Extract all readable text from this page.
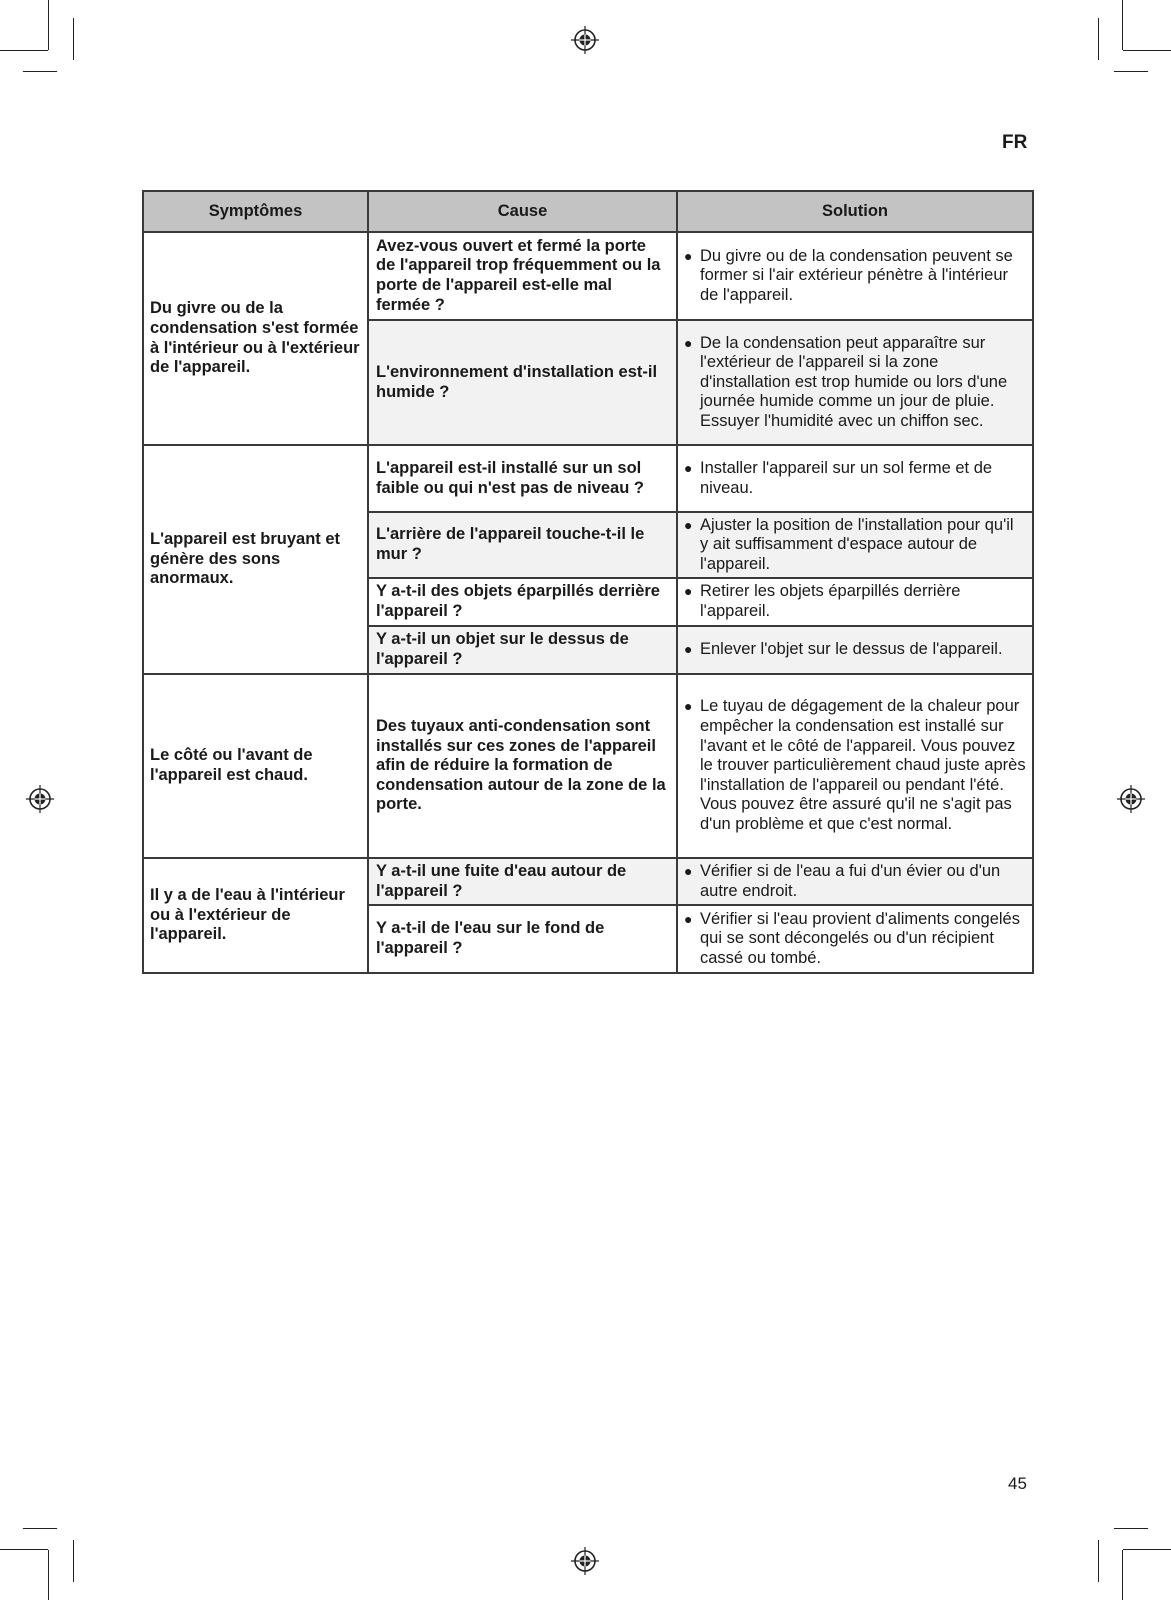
FR
Symptômes	Cause	Solution
Du givre ou de la condensation s'est formée à l'intérieur ou à l'extérieur de l'appareil.	Avez-vous ouvert et fermé la porte de l'appareil trop fréquemment ou la porte de l'appareil est-elle mal fermée ?	● Du givre ou de la condensation peuvent se former si l'air extérieur pénètre à l'intérieur de l'appareil.

	L'environnement d'installation est-il humide ?	● De la condensation peut apparaître sur l'extérieur de l'appareil si la zone d'installation est trop humide ou lors d'une journée humide comme un jour de pluie. Essuyer l'humidité avec un chiffon sec.

L'appareil est bruyant et génère des sons anormaux.	L'appareil est-il installé sur un sol faible ou qui n'est pas de niveau ?	● Installer l'appareil sur un sol ferme et de niveau.

	L'arrière de l'appareil touche-t-il le mur ?	● Ajuster la position de l'installation pour qu'il y ait suffisamment d'espace autour de l'appareil.

	Y a-t-il des objets éparpillés derrière l'appareil ?	● Retirer les objets éparpillés derrière l'appareil.

	Y a-t-il un objet sur le dessus de l'appareil ?	● Enlever l'objet sur le dessus de l'appareil.

Le côté ou l'avant de l'appareil est chaud.	Des tuyaux anti-condensation sont installés sur ces zones de l'appareil afin de réduire la formation de condensation autour de la zone de la porte.	● Le tuyau de dégagement de la chaleur pour empêcher la condensation est installé sur l'avant et le côté de l'appareil. Vous pouvez le trouver particulièrement chaud juste après l'installation de l'appareil ou pendant l'été. Vous pouvez être assuré qu'il ne s'agit pas d'un problème et que c'est normal.

Il y a de l'eau à l'intérieur ou à l'extérieur de l'appareil.	Y a-t-il une fuite d'eau autour de l'appareil ?	● Vérifier si de l'eau a fui d'un évier ou d'un autre endroit.

	Y a-t-il de l'eau sur le fond de l'appareil ?	● Vérifier si l'eau provient d'aliments congelés qui se sont décongelés ou d'un récipient cassé ou tombé.
45
